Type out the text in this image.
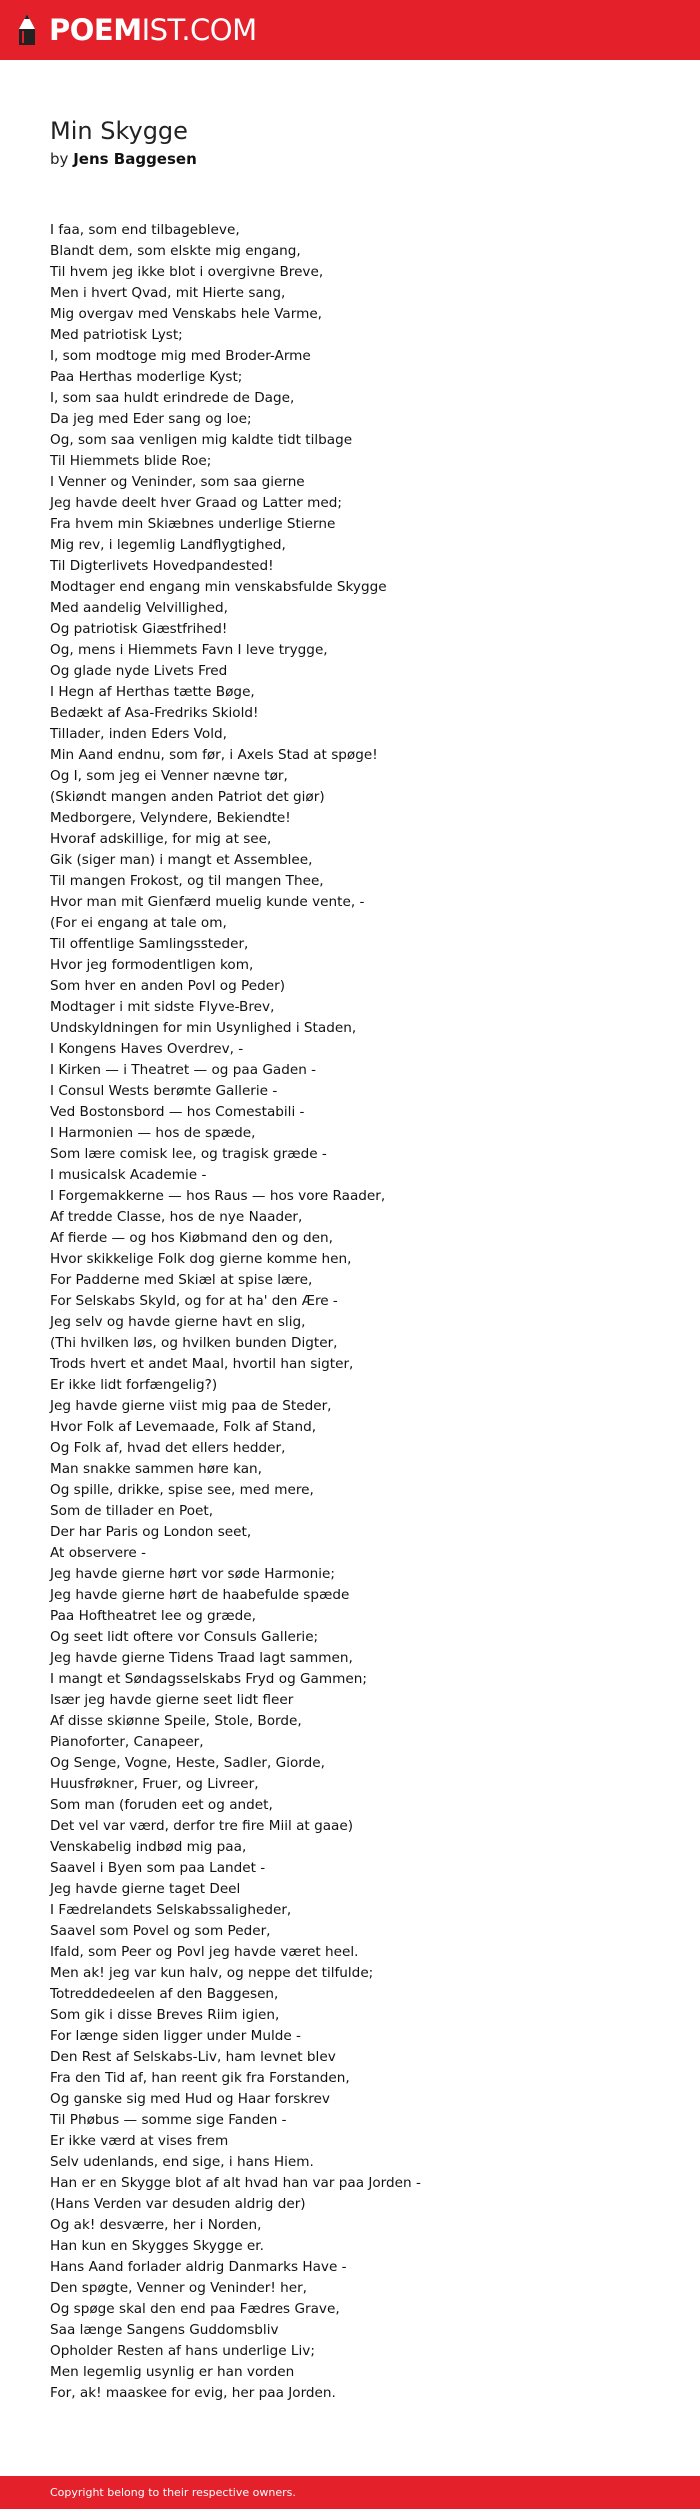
POEMIST.COM
Min Skygge
by Jens Baggesen
I faa, som end tilbagebleve,
Blandt dem, som elskte mig engang,
Til hvem jeg ikke blot i overgivne Breve,
Men i hvert Qvad, mit Hierte sang,
Mig overgav med Venskabs hele Varme,
Med patriotisk Lyst;
I, som modtoge mig med Broder-Arme
Paa Herthas moderlige Kyst;
I, som saa huldt erindrede de Dage,
Da jeg med Eder sang og loe;
Og, som saa venligen mig kaldte tidt tilbage
Til Hiemmets blide Roe;
I Venner og Veninder, som saa gierne
Jeg havde deelt hver Graad og Latter med;
Fra hvem min Skiæbnes underlige Stierne
Mig rev, i legemlig Landflygtighed,
Til Digterlivets Hovedpandested!
Modtager end engang min venskabsfulde Skygge
Med aandelig Velvillighed,
Og patriotisk Giæstfrihed!
Og, mens i Hiemmets Favn I leve trygge,
Og glade nyde Livets Fred
I Hegn af Herthas tætte Bøge,
Bedækt af Asa-Fredriks Skiold!
Tillader, inden Eders Vold,
Min Aand endnu, som før, i Axels Stad at spøge!
Og I, som jeg ei Venner nævne tør,
(Skiøndt mangen anden Patriot det giør)
Medborgere, Velyndere, Bekiendte!
Hvoraf adskillige, for mig at see,
Gik (siger man) i mangt et Assemblee,
Til mangen Frokost, og til mangen Thee,
Hvor man mit Gienfærd muelig kunde vente, -
(For ei engang at tale om,
Til offentlige Samlingssteder,
Hvor jeg formodentligen kom,
Som hver en anden Povl og Peder)
Modtager i mit sidste Flyve-Brev,
Undskyldningen for min Usynlighed i Staden,
I Kongens Haves Overdrev, -
I Kirken — i Theatret — og paa Gaden -
I Consul Wests berømte Gallerie -
Ved Bostonsbord — hos Comestabili -
I Harmonien — hos de spæde,
Som lære comisk lee, og tragisk græde -
I musicalsk Academie -
I Forgemakkerne — hos Raus — hos vore Raader,
Af tredde Classe, hos de nye Naader,
Af fierde — og hos Kiøbmand den og den,
Hvor skikkelige Folk dog gierne komme hen,
For Padderne med Skiæl at spise lære,
For Selskabs Skyld, og for at ha' den Ære -
Jeg selv og havde gierne havt en slig,
(Thi hvilken løs, og hvilken bunden Digter,
Trods hvert et andet Maal, hvortil han sigter,
Er ikke lidt forfængelig?)
Jeg havde gierne viist mig paa de Steder,
Hvor Folk af Levemaade, Folk af Stand,
Og Folk af, hvad det ellers hedder,
Man snakke sammen høre kan,
Og spille, drikke, spise see, med mere,
Som de tillader en Poet,
Der har Paris og London seet,
At observere -
Jeg havde gierne hørt vor søde Harmonie;
Jeg havde gierne hørt de haabefulde spæde
Paa Hoftheatret lee og græde,
Og seet lidt oftere vor Consuls Gallerie;
Jeg havde gierne Tidens Traad lagt sammen,
I mangt et Søndagsselskabs Fryd og Gammen;
Især jeg havde gierne seet lidt fleer
Af disse skiønne Speile, Stole, Borde,
Pianoforter, Canapeer,
Og Senge, Vogne, Heste, Sadler, Giorde,
Huusfrøkner, Fruer, og Livreer,
Som man (foruden eet og andet,
Det vel var værd, derfor tre fire Miil at gaae)
Venskabelig indbød mig paa,
Saavel i Byen som paa Landet -
Jeg havde gierne taget Deel
I Fædrelandets Selskabssaligheder,
Saavel som Povel og som Peder,
Ifald, som Peer og Povl jeg havde været heel.
Men ak! jeg var kun halv, og neppe det tilfulde;
Totreddedeelen af den Baggesen,
Som gik i disse Breves Riim igien,
For længe siden ligger under Mulde -
Den Rest af Selskabs-Liv, ham levnet blev
Fra den Tid af, han reent gik fra Forstanden,
Og ganske sig med Hud og Haar forskrev
Til Phøbus — somme sige Fanden -
Er ikke værd at vises frem
Selv udenlands, end sige, i hans Hiem.
Han er en Skygge blot af alt hvad han var paa Jorden -
(Hans Verden var desuden aldrig der)
Og ak! desværre, her i Norden,
Han kun en Skygges Skygge er.
Hans Aand forlader aldrig Danmarks Have -
Den spøgte, Venner og Veninder! her,
Og spøge skal den end paa Fædres Grave,
Saa længe Sangens Guddomsbliv
Opholder Resten af hans underlige Liv;
Men legemlig usynlig er han vorden
For, ak! maaskee for evig, her paa Jorden.
Copyright belong to their respective owners.
